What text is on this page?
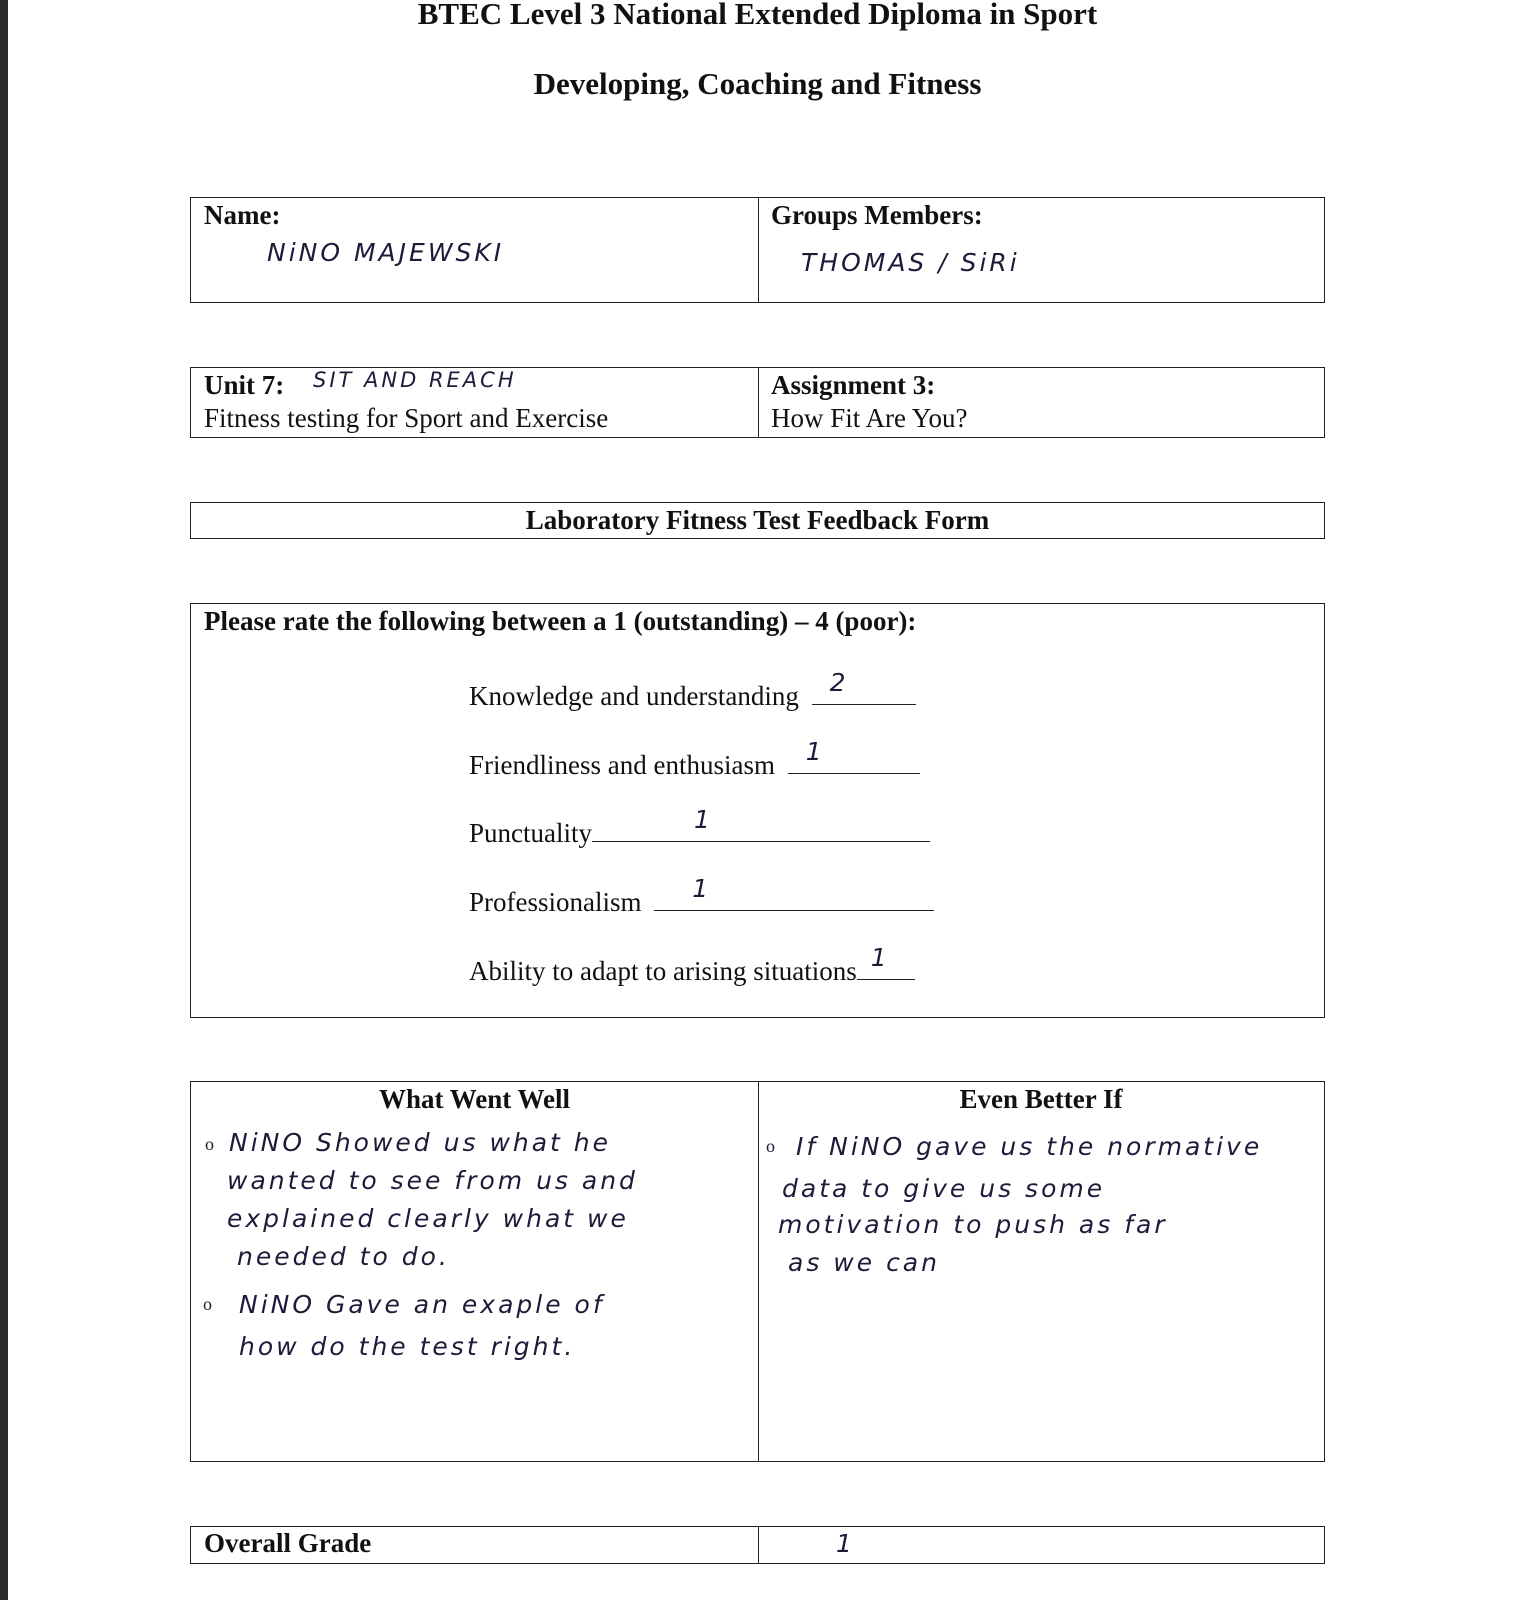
BTEC Level 3 National Extended Diploma in Sport
Developing, Coaching and Fitness
Name:
NiNO MAJEWSKI
Groups Members:
THOMAS / SiRi
Unit 7: SIT AND REACH
Fitness testing for Sport and Exercise
Assignment 3:
How Fit Are You?
Laboratory Fitness Test Feedback Form
Please rate the following between a 1 (outstanding) – 4 (poor):
Knowledge and understanding 2
Friendliness and enthusiasm 1
Punctuality	1
Professionalism 1
Ability to adapt to arising situations 1
What Went Well
o NiNO Showed us what he
wanted to see from us and
explained clearly what we
needed to do.
o NiNO Gave an exaple of
how do the test right.
Even Better If
o If NiNO gave us the normative
data to give us some
motivation to push as far
as we can
Overall Grade	1
